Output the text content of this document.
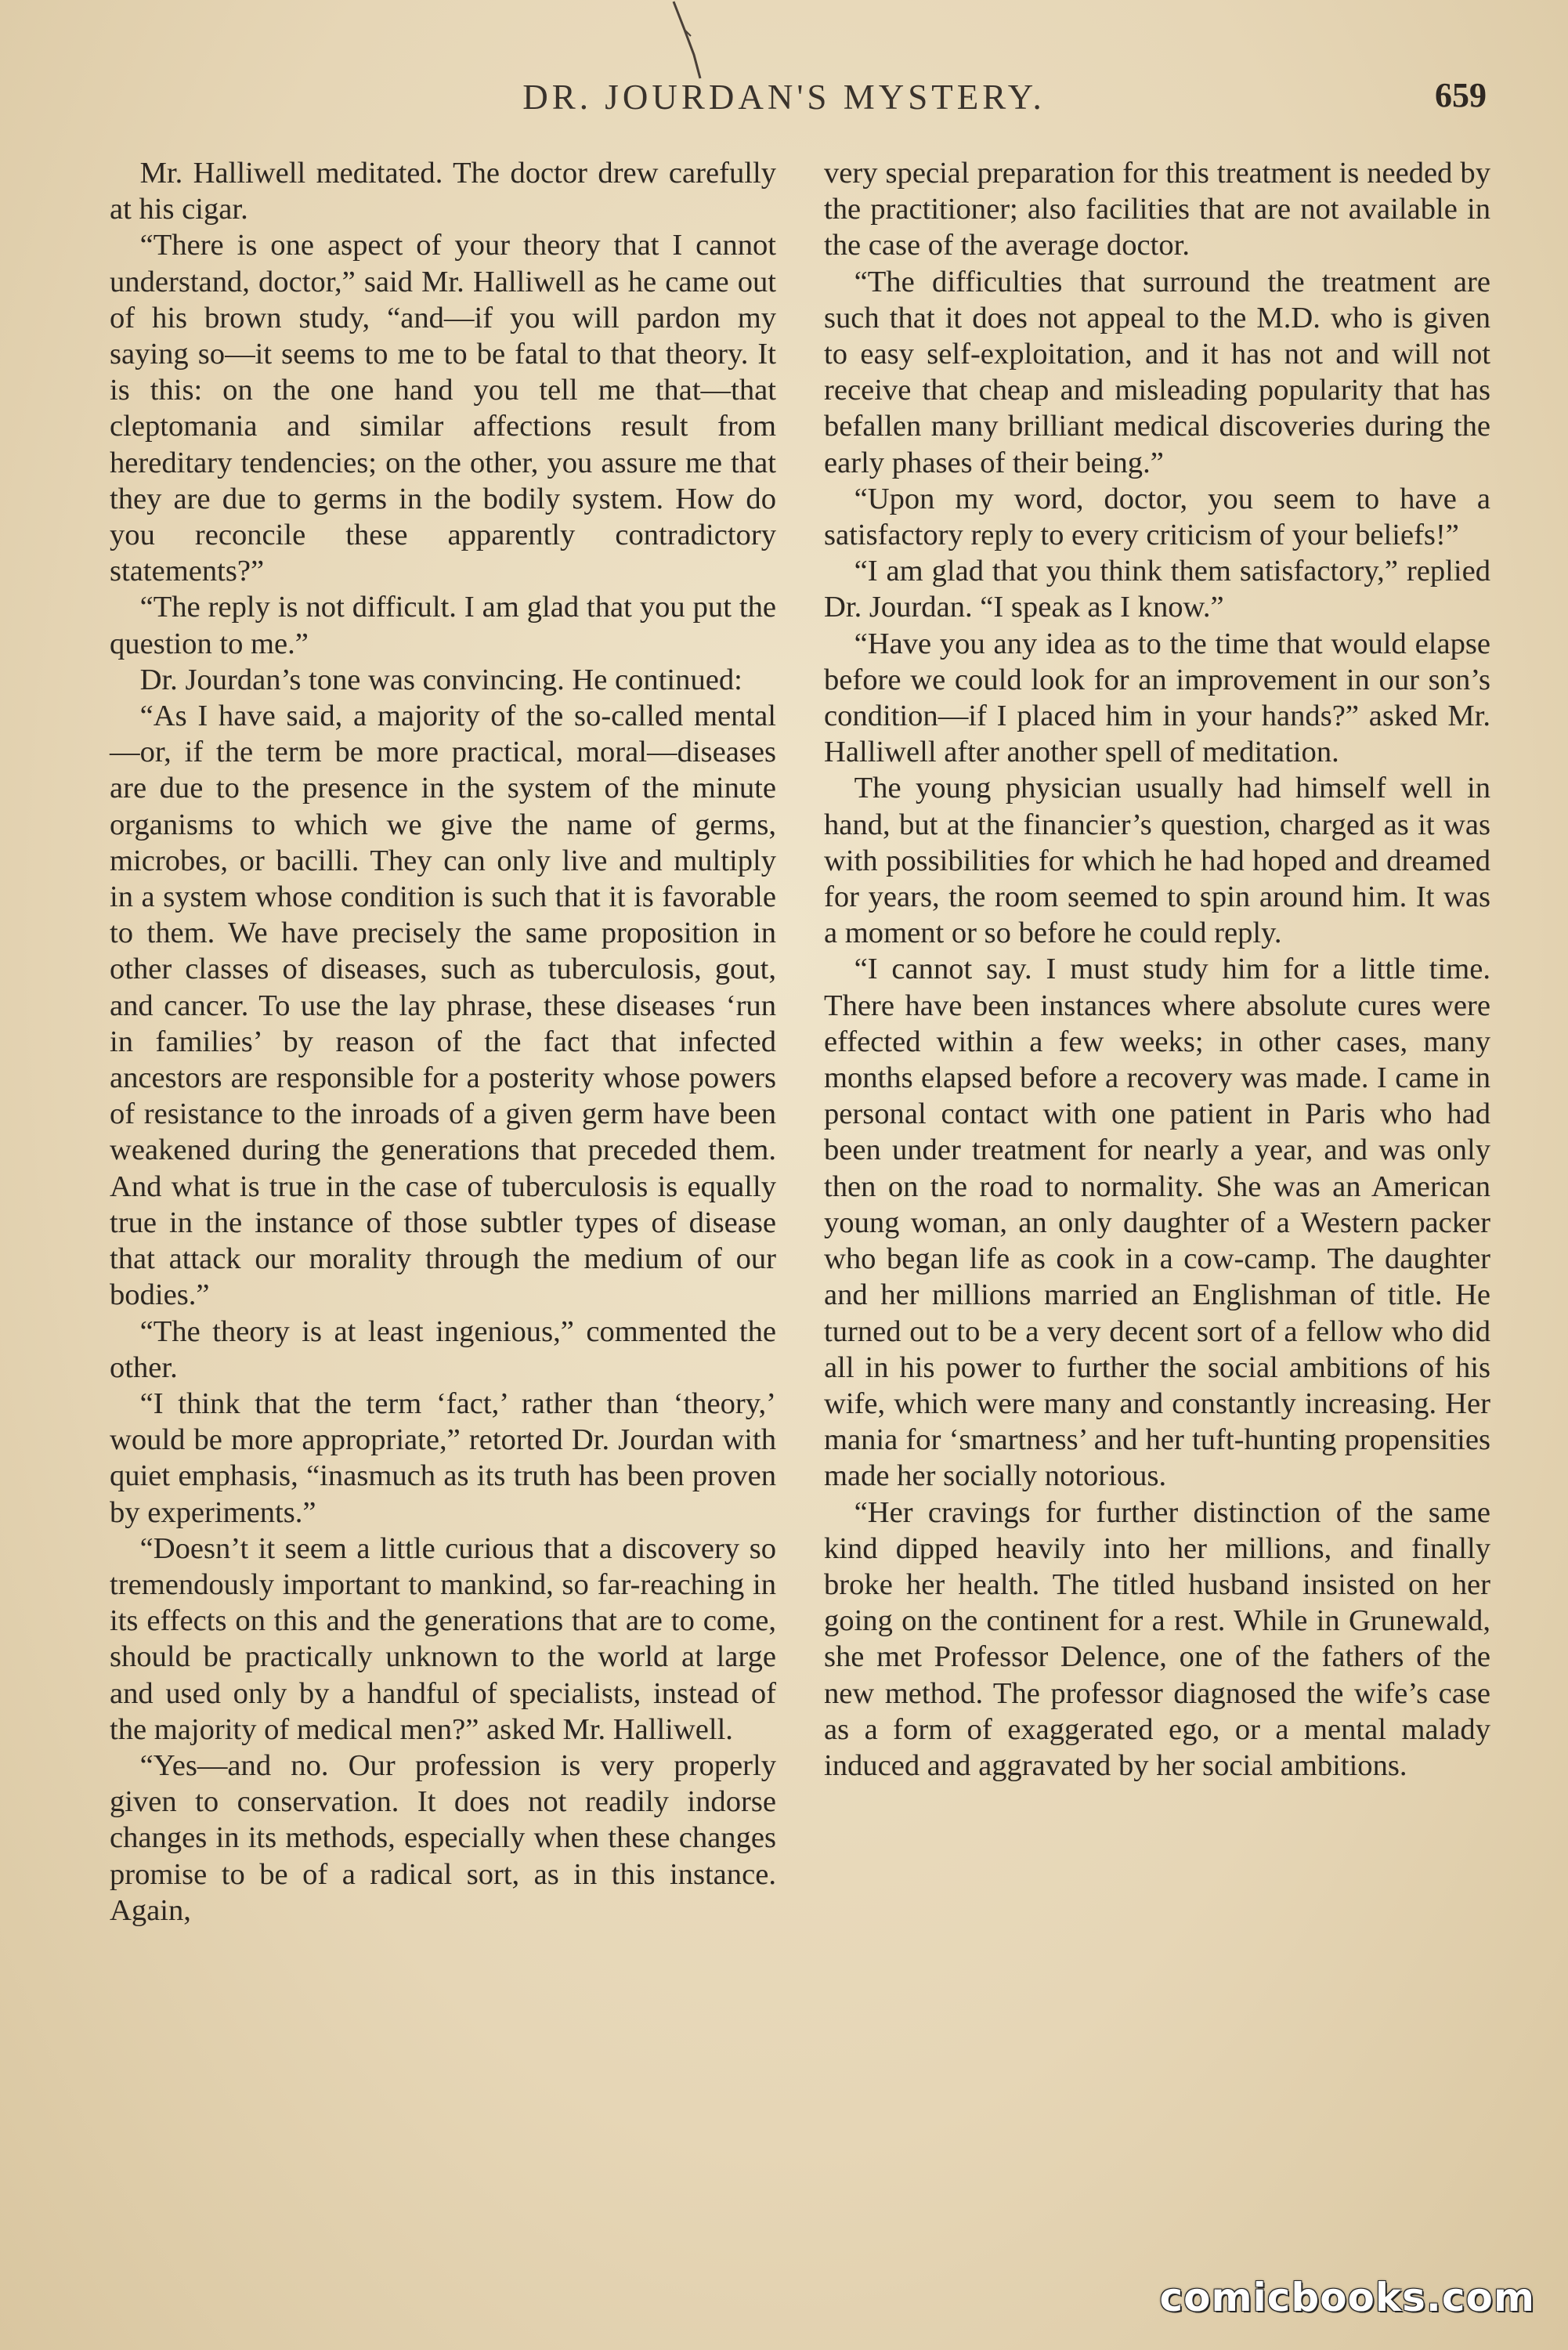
DR. JOURDAN'S MYSTERY.	659

Mr. Halliwell meditated. The doctor drew carefully at his cigar.

“There is one aspect of your theory that I cannot understand, doctor,” said Mr. Halliwell as he came out of his brown study, “and—if you will pardon my saying so—it seems to me to be fatal to that theory. It is this: on the one hand you tell me that—that cleptomania and similar affections result from hereditary tendencies; on the other, you assure me that they are due to germs in the bodily system. How do you reconcile these apparently contradictory statements?”

“The reply is not difficult. I am glad that you put the question to me.”

Dr. Jourdan’s tone was convincing. He continued:

“As I have said, a majority of the so-called mental—or, if the term be more practical, moral—diseases are due to the presence in the system of the minute organisms to which we give the name of germs, microbes, or bacilli. They can only live and multiply in a system whose condition is such that it is favorable to them. We have precisely the same proposition in other classes of diseases, such as tuberculosis, gout, and cancer. To use the lay phrase, these diseases ‘run in families’ by reason of the fact that infected ancestors are responsible for a posterity whose powers of resistance to the inroads of a given germ have been weakened during the generations that preceded them. And what is true in the case of tuberculosis is equally true in the instance of those subtler types of disease that attack our morality through the medium of our bodies.”

“The theory is at least ingenious,” commented the other.

“I think that the term ‘fact,’ rather than ‘theory,’ would be more appropriate,” retorted Dr. Jourdan with quiet emphasis, “inasmuch as its truth has been proven by experiments.”

“Doesn’t it seem a little curious that a discovery so tremendously important to mankind, so far-reaching in its effects on this and the generations that are to come, should be practically unknown to the world at large and used only by a handful of specialists, instead of the majority of medical men?” asked Mr. Halliwell.

“Yes—and no. Our profession is very properly given to conservation. It does not readily indorse changes in its methods, especially when these changes promise to be of a radical sort, as in this instance. Again,

very special preparation for this treatment is needed by the practitioner; also facilities that are not available in the case of the average doctor.

“The difficulties that surround the treatment are such that it does not appeal to the M.D. who is given to easy self-exploitation, and it has not and will not receive that cheap and misleading popularity that has befallen many brilliant medical discoveries during the early phases of their being.”

“Upon my word, doctor, you seem to have a satisfactory reply to every criticism of your beliefs!”

“I am glad that you think them satisfactory,” replied Dr. Jourdan. “I speak as I know.”

“Have you any idea as to the time that would elapse before we could look for an improvement in our son’s condition—if I placed him in your hands?” asked Mr. Halliwell after another spell of meditation.

The young physician usually had himself well in hand, but at the financier’s question, charged as it was with possibilities for which he had hoped and dreamed for years, the room seemed to spin around him. It was a moment or so before he could reply.

“I cannot say. I must study him for a little time. There have been instances where absolute cures were effected within a few weeks; in other cases, many months elapsed before a recovery was made. I came in personal contact with one patient in Paris who had been under treatment for nearly a year, and was only then on the road to normality. She was an American young woman, an only daughter of a Western packer who began life as cook in a cow-camp. The daughter and her millions married an Englishman of title. He turned out to be a very decent sort of a fellow who did all in his power to further the social ambitions of his wife, which were many and constantly increasing. Her mania for ‘smartness’ and her tuft-hunting propensities made her socially notorious.

“Her cravings for further distinction of the same kind dipped heavily into her millions, and finally broke her health. The titled husband insisted on her going on the continent for a rest. While in Grunewald, she met Professor Delence, one of the fathers of the new method. The professor diagnosed the wife’s case as a form of exaggerated ego, or a mental malady induced and aggravated by her social ambitions.

comicbooks.com
